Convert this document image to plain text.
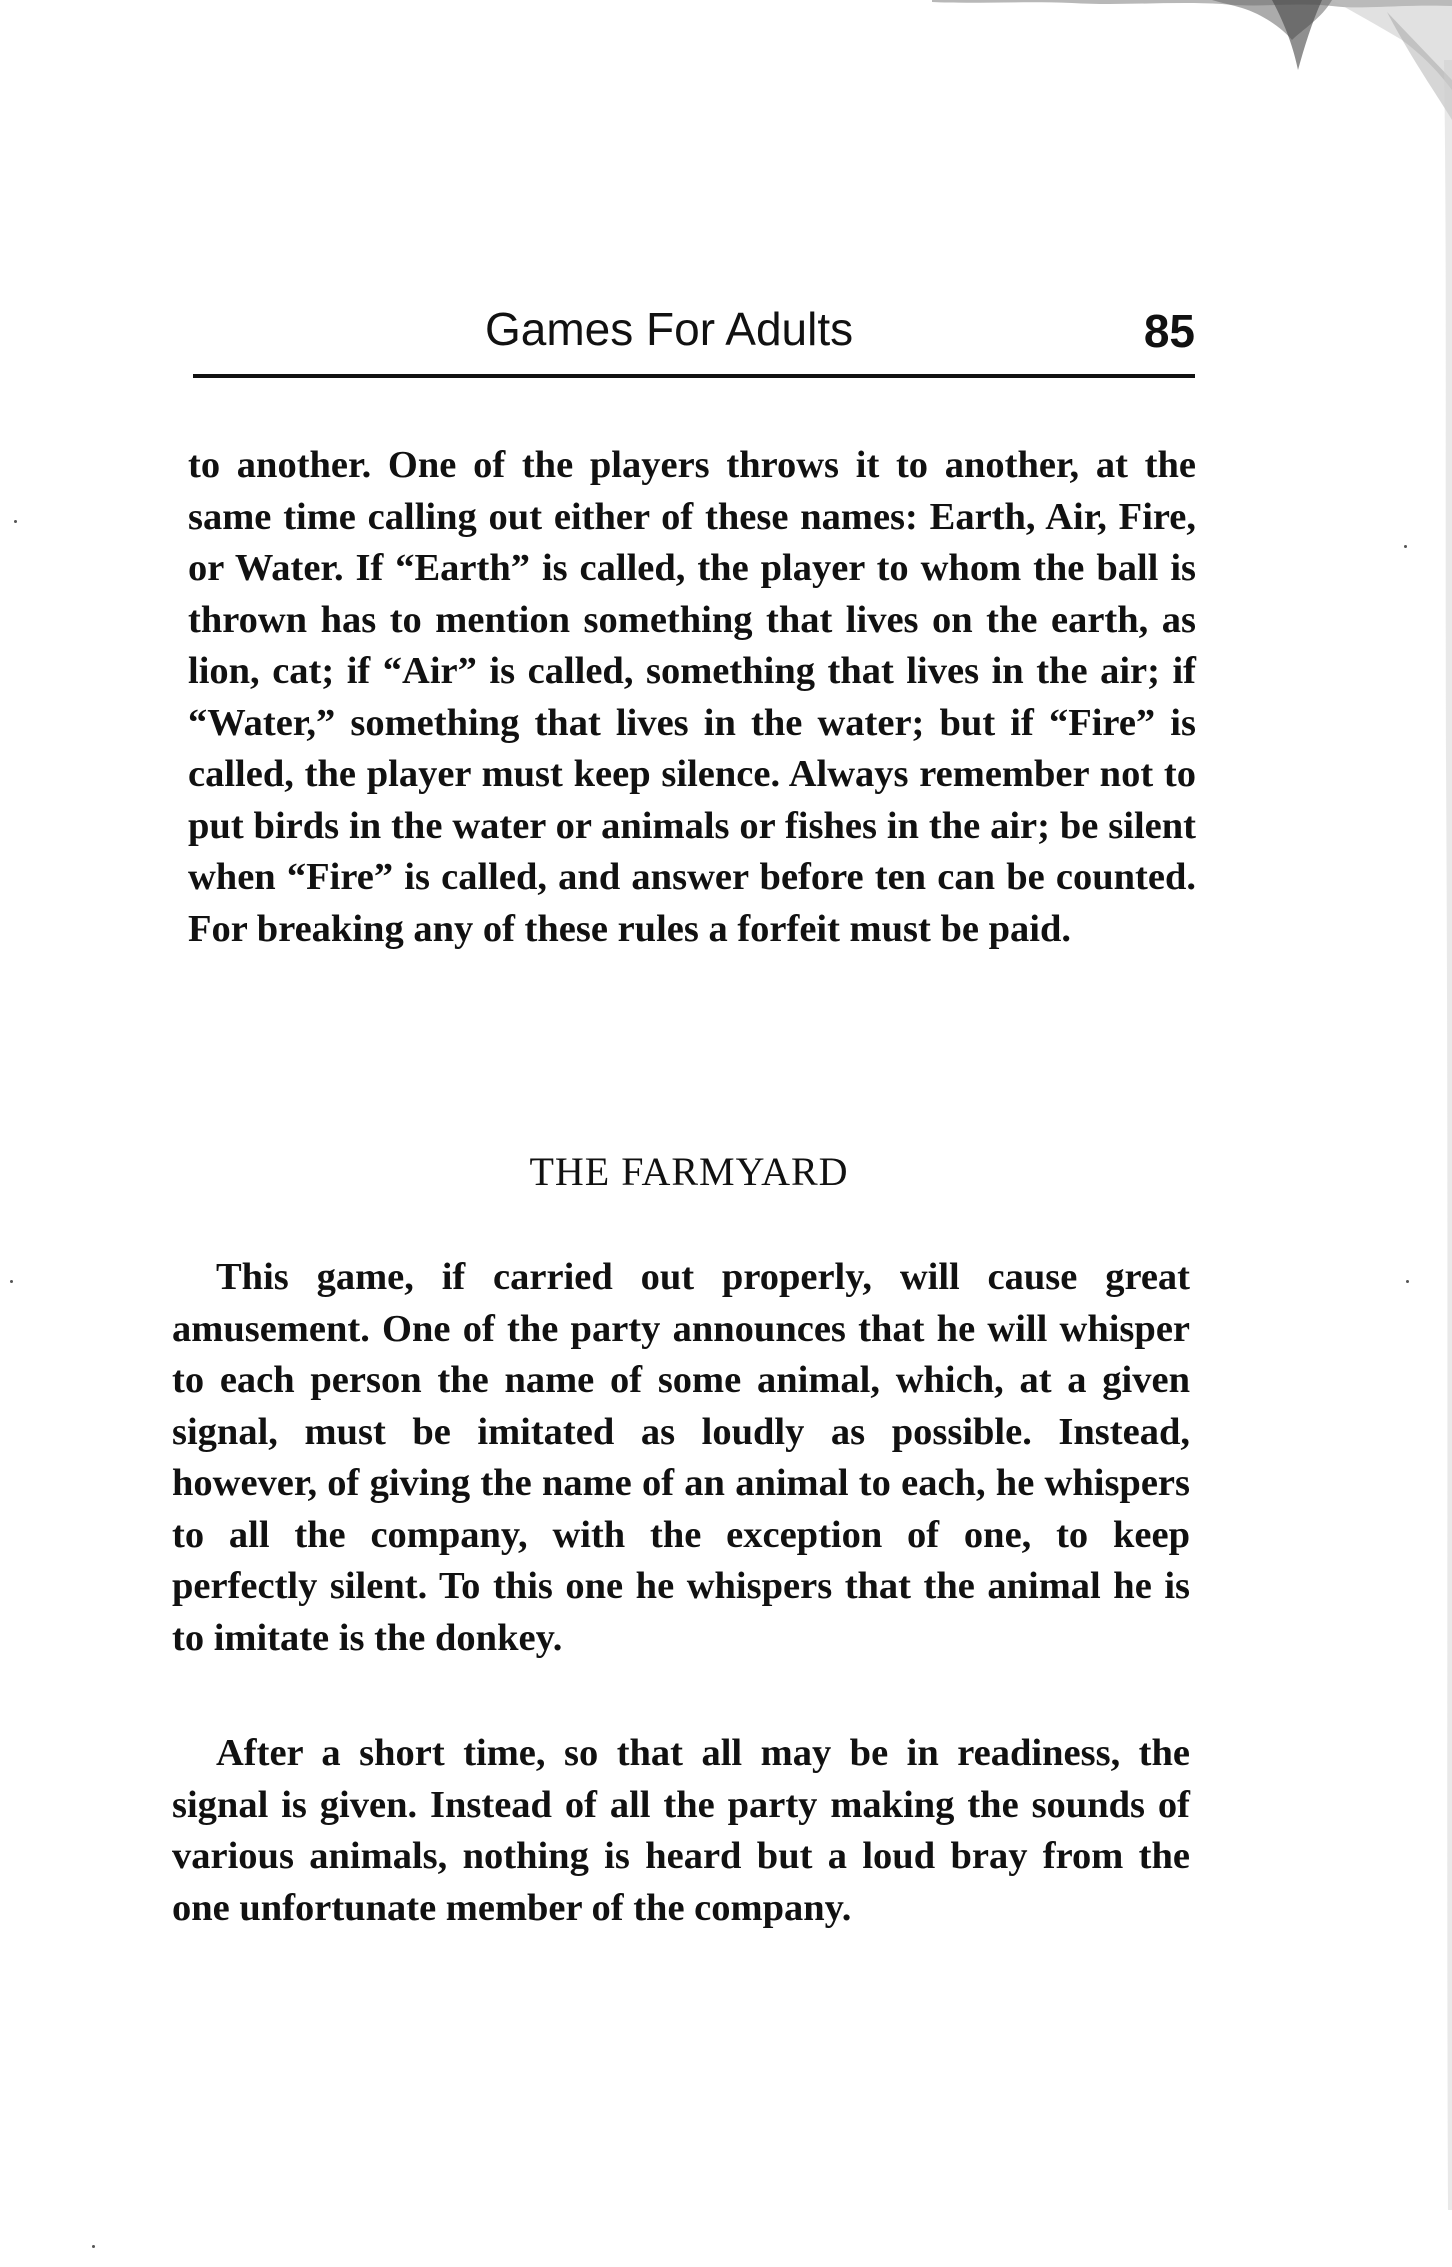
Games For Adults	85

to another. One of the players throws it to another, at the same time calling out either of these names: Earth, Air, Fire, or Water. If “Earth” is called, the player to whom the ball is thrown has to mention something that lives on the earth, as lion, cat; if “Air” is called, something that lives in the air; if “Water,” something that lives in the water; but if “Fire” is called, the player must keep silence. Always remember not to put birds in the water or animals or fishes in the air; be silent when “Fire” is called, and answer before ten can be counted. For breaking any of these rules a forfeit must be paid.

THE FARMYARD

This game, if carried out properly, will cause great amusement. One of the party announces that he will whisper to each person the name of some animal, which, at a given signal, must be imitated as loudly as possible. Instead, however, of giving the name of an animal to each, he whispers to all the company, with the exception of one, to keep perfectly silent. To this one he whispers that the animal he is to imitate is the donkey.

After a short time, so that all may be in readiness, the signal is given. Instead of all the party making the sounds of various animals, nothing is heard but a loud bray from the one unfortunate member of the company.
